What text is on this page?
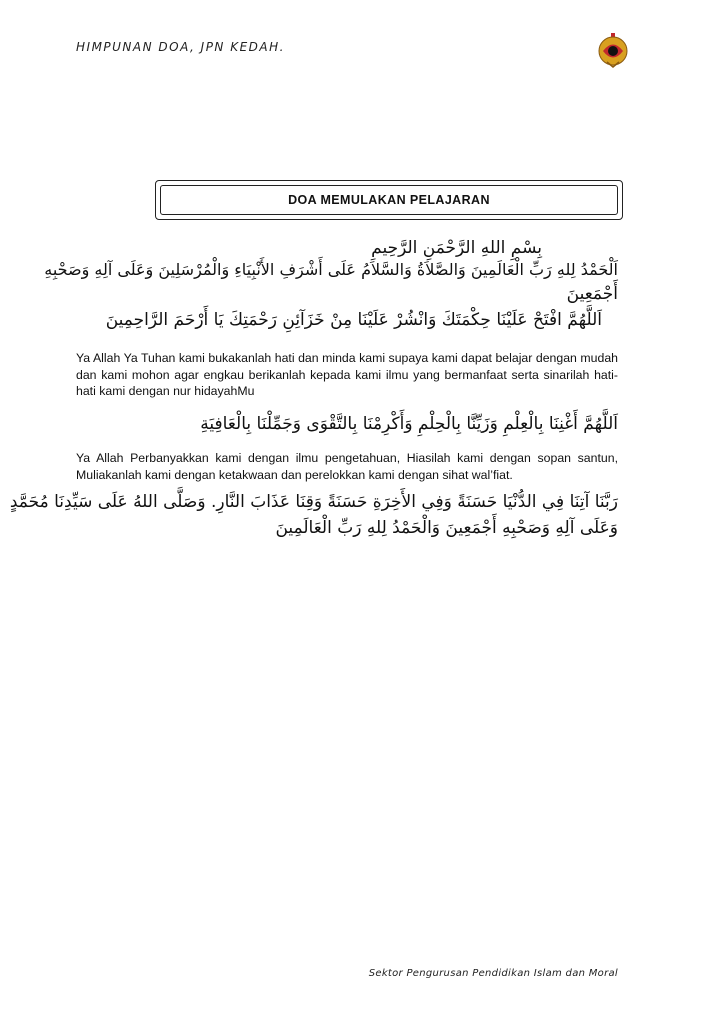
HIMPUNAN DOA, JPN KEDAH.
DOA MEMULAKAN PELAJARAN
بِسْمِ اللهِ الرَّحْمَنِ الرَّحِيمِ
اَلْحَمْدُ لِلهِ رَبِّ الْعَالَمِينَ وَالصَّلاَةُ وَالسَّلاَمُ عَلَى أَشْرَفِ الأَنْبِيَاءِ وَالْمُرْسَلِينَ وَعَلَى آلِهِ وَصَحْبِهِ
أَجْمَعِينَ
اَللَّهُمَّ افْتَحْ عَلَيْنَا حِكْمَتَكَ وَانْشُرْ عَلَيْنَا مِنْ خَزَآئِنِ رَحْمَتِكَ يَا أَرْحَمَ الرَّاحِمِينَ
Ya Allah Ya Tuhan kami bukakanlah hati dan minda kami supaya kami dapat belajar dengan mudah dan kami mohon agar engkau berikanlah kepada kami ilmu yang bermanfaat serta sinarilah hati-hati kami dengan nur hidayahMu
اَللَّهُمَّ أَغْنِنَا بِالْعِلْمِ وَزَيِّنَّا بِالْحِلْمِ وَأَكْرِمْنَا بِالتَّقْوَى وَجَمِّلْنَا بِالْعَافِيَةِ
Ya Allah Perbanyakkan kami dengan ilmu pengetahuan, Hiasilah kami dengan sopan santun, Muliakanlah kami dengan ketakwaan dan perelokkan kami dengan sihat wal’fiat.
رَبَّنَا آتِنَا فِي الدُّنْيَا حَسَنَةً وَفِي الأَخِرَةِ حَسَنَةً وَقِنَا عَذَابَ النَّارِ. وَصَلَّى اللهُ عَلَى سَيِّدِنَا مُحَمَّدٍ
وَعَلَى آلِهِ وَصَحْبِهِ أَجْمَعِينَ وَالْحَمْدُ لِلهِ رَبِّ الْعَالَمِينَ
Sektor Pengurusan Pendidikan Islam dan Moral
